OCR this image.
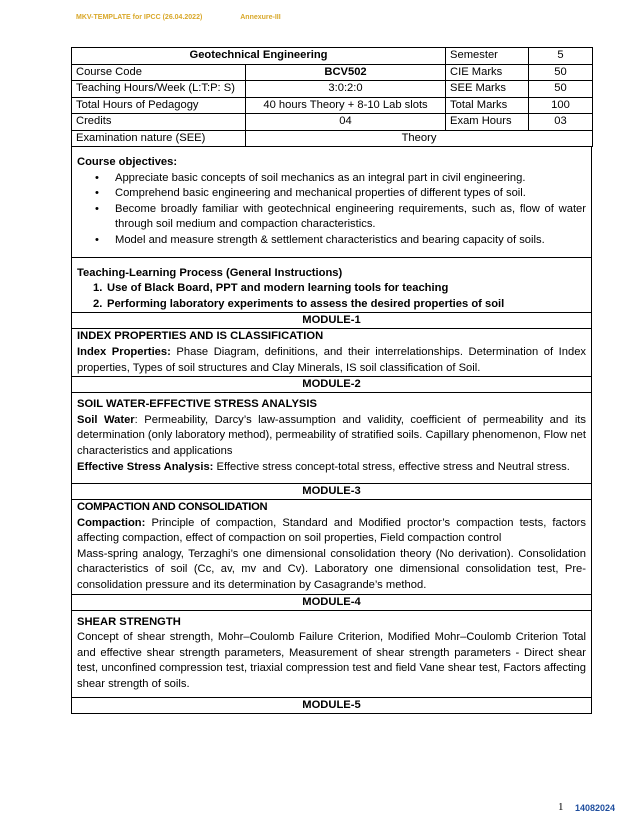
MKV-TEMPLATE for IPCC (26.04.2022)	Annexure-III
Geotechnical Engineering		Semester	5
Course Code	BCV502	CIE Marks	50
Teaching Hours/Week (L:T:P: S)	3:0:2:0	SEE Marks	50
Total Hours of Pedagogy	40 hours Theory + 8-10 Lab slots	Total Marks	100
Credits	04	Exam Hours	03
Examination nature (SEE)	Theory		

Course objectives:

• Appreciate basic concepts of soil mechanics as an integral part in civil engineering.
• Comprehend basic engineering and mechanical properties of different types of soil.
• Become broadly familiar with geotechnical engineering requirements, such as, flow of water through soil medium and compaction characteristics.
• Model and measure strength & settlement characteristics and bearing capacity of soils.

Teaching-Learning Process (General Instructions)

1. Use of Black Board, PPT and modern learning tools for teaching
2. Performing laboratory experiments to assess the desired properties of soil
MODULE-1

INDEX PROPERTIES AND IS CLASSIFICATION

Index Properties: Phase Diagram, definitions, and their interrelationships. Determination of Index properties, Types of soil structures and Clay Minerals, IS soil classification of Soil.

MODULE-2

SOIL WATER-EFFECTIVE STRESS ANALYSIS

Soil Water: Permeability, Darcy’s law-assumption and validity, coefficient of permeability and its determination (only laboratory method), permeability of stratified soils. Capillary phenomenon, Flow net characteristics and applications

Effective Stress Analysis: Effective stress concept-total stress, effective stress and Neutral stress.

MODULE-3

COMPACTION AND CONSOLIDATION

Compaction: Principle of compaction, Standard and Modified proctor’s compaction tests, factors affecting compaction, effect of compaction on soil properties, Field compaction control

Mass-spring analogy, Terzaghi’s one dimensional consolidation theory (No derivation). Consolidation characteristics of soil (Cc, av, mv and Cv). Laboratory one dimensional consolidation test, Pre-consolidation pressure and its determination by Casagrande’s method.

MODULE-4

SHEAR STRENGTH

Concept of shear strength, Mohr–Coulomb Failure Criterion, Modified Mohr–Coulomb Criterion Total and effective shear strength parameters, Measurement of shear strength parameters - Direct shear test, unconfined compression test, triaxial compression test and field Vane shear test, Factors affecting shear strength of soils.

MODULE-5
1 14082024
